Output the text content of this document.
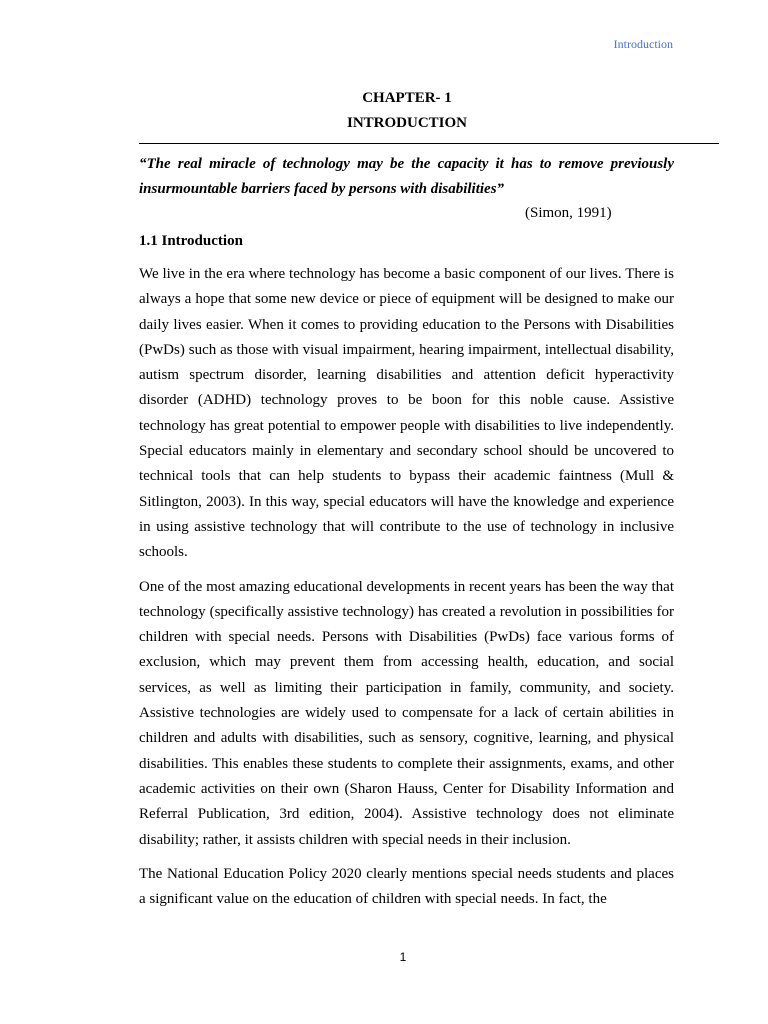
Introduction
CHAPTER- 1
INTRODUCTION

“The real miracle of technology may be the capacity it has to remove previously insurmountable barriers faced by persons with disabilities”

(Simon, 1991)

1.1 Introduction

We live in the era where technology has become a basic component of our lives. There is always a hope that some new device or piece of equipment will be designed to make our daily lives easier. When it comes to providing education to the Persons with Disabilities (PwDs) such as those with visual impairment, hearing impairment, intellectual disability, autism spectrum disorder, learning disabilities and attention deficit hyperactivity disorder (ADHD) technology proves to be boon for this noble cause. Assistive technology has great potential to empower people with disabilities to live independently. Special educators mainly in elementary and secondary school should be uncovered to technical tools that can help students to bypass their academic faintness (Mull & Sitlington, 2003). In this way, special educators will have the knowledge and experience in using assistive technology that will contribute to the use of technology in inclusive schools.

One of the most amazing educational developments in recent years has been the way that technology (specifically assistive technology) has created a revolution in possibilities for children with special needs. Persons with Disabilities (PwDs) face various forms of exclusion, which may prevent them from accessing health, education, and social services, as well as limiting their participation in family, community, and society. Assistive technologies are widely used to compensate for a lack of certain abilities in children and adults with disabilities, such as sensory, cognitive, learning, and physical disabilities. This enables these students to complete their assignments, exams, and other academic activities on their own (Sharon Hauss, Center for Disability Information and Referral Publication, 3rd edition, 2004). Assistive technology does not eliminate disability; rather, it assists children with special needs in their inclusion.

The National Education Policy 2020 clearly mentions special needs students and places a significant value on the education of children with special needs. In fact, the

1
